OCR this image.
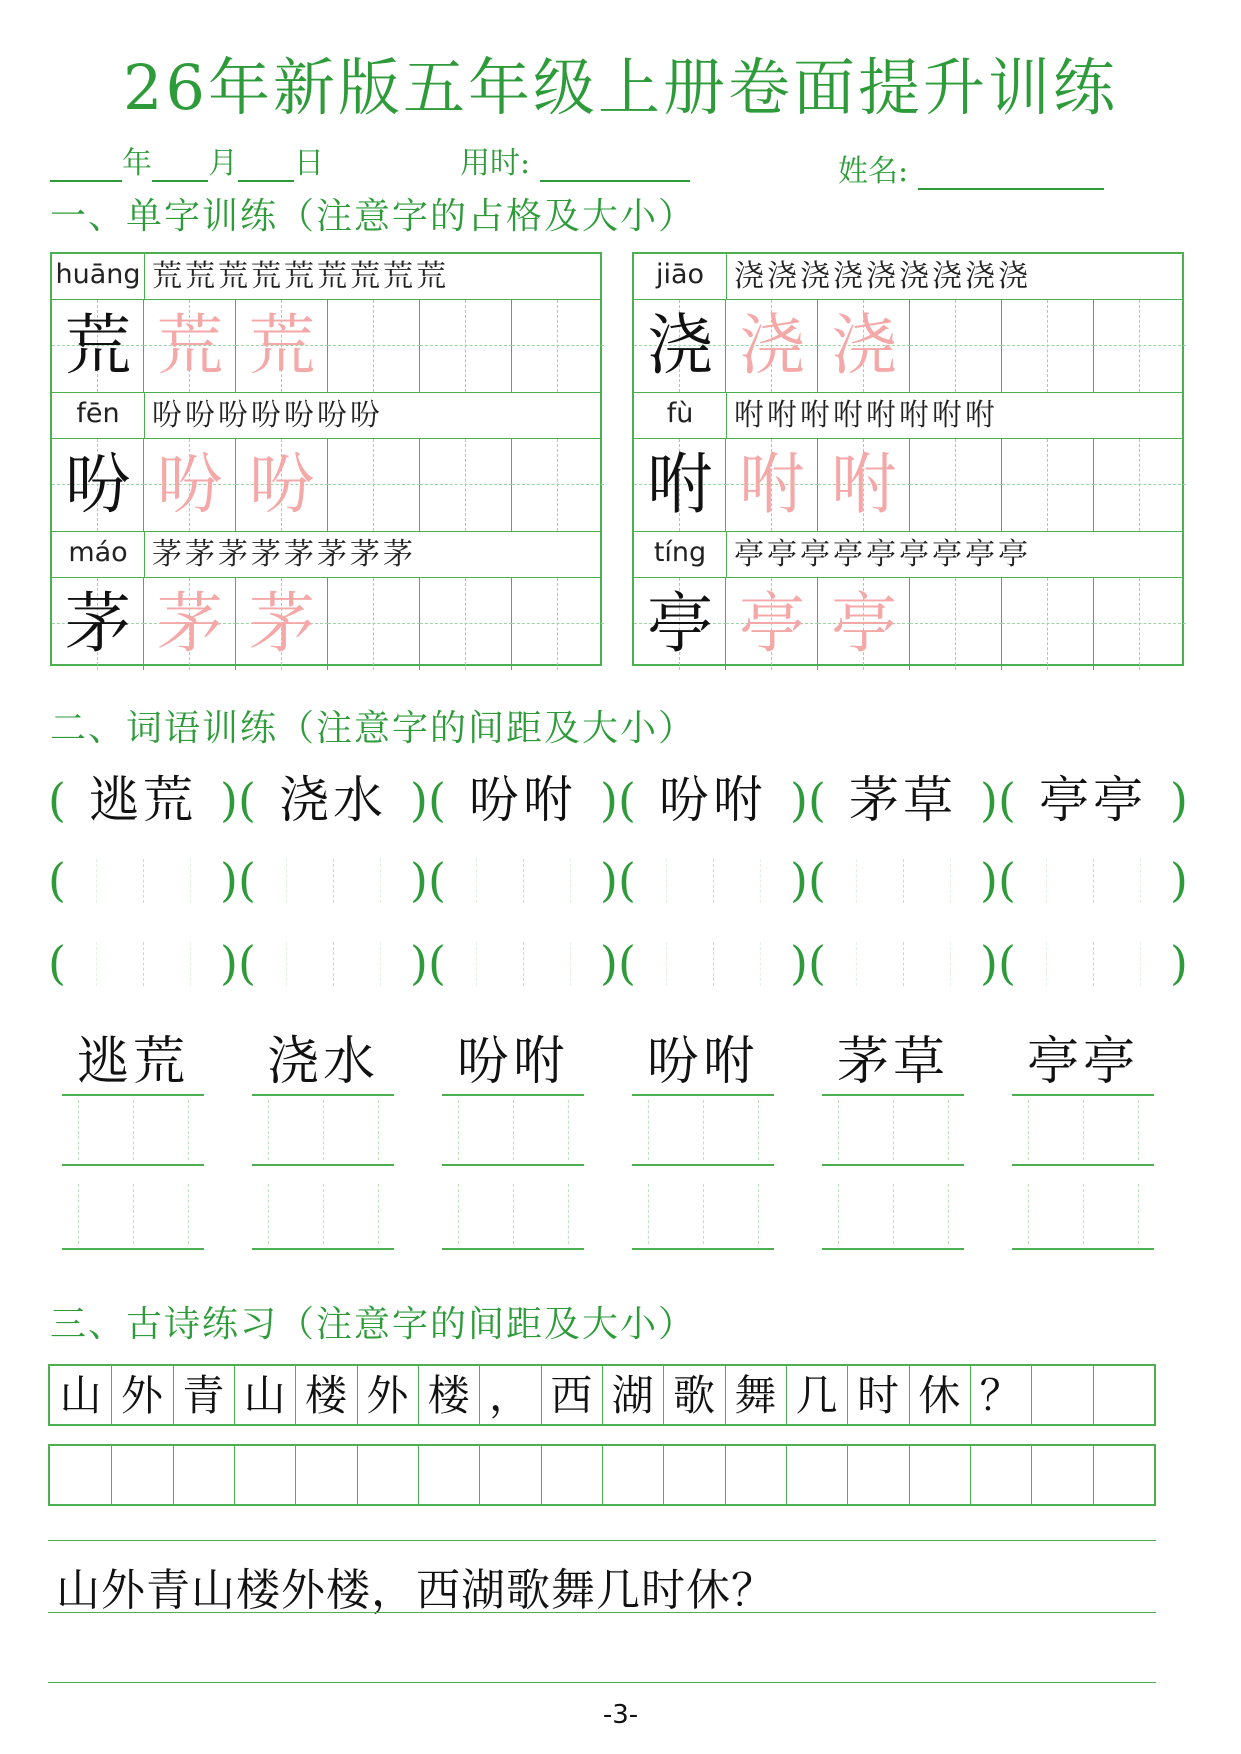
26年新版五年级上册卷面提升训练
年 月 日	用时:	姓名:
一、单字训练（注意字的占格及大小）
huāng 荒荒荒荒荒荒荒荒荒
荒 荒 荒
fēn	吩吩吩吩吩吩吩
吩 吩 吩
máo 茅茅茅茅茅茅茅茅
茅 茅 茅
jiāo 浇浇浇浇浇浇浇浇浇
浇 浇 浇
fù	咐咐咐咐咐咐咐咐
咐 咐 咐
tíng 亭亭亭亭亭亭亭亭亭
亭 亭 亭
二、词语训练（注意字的间距及大小）
( 逃荒 ) ( 浇水 ) ( 吩咐 ) ( 吩咐 ) ( 茅草 ) ( 亭亭 )
(	) (	) (	) (	) (	) (	)
(	) (	) (	) (	) (	) (	)
逃荒 浇水 吩咐 吩咐 茅草 亭亭
三、古诗练习（注意字的间距及大小）
山 外 青 山 楼 外 楼 ， 西 湖 歌 舞 几 时 休 ？
山外青山楼外楼，西湖歌舞几时休？
-3-
